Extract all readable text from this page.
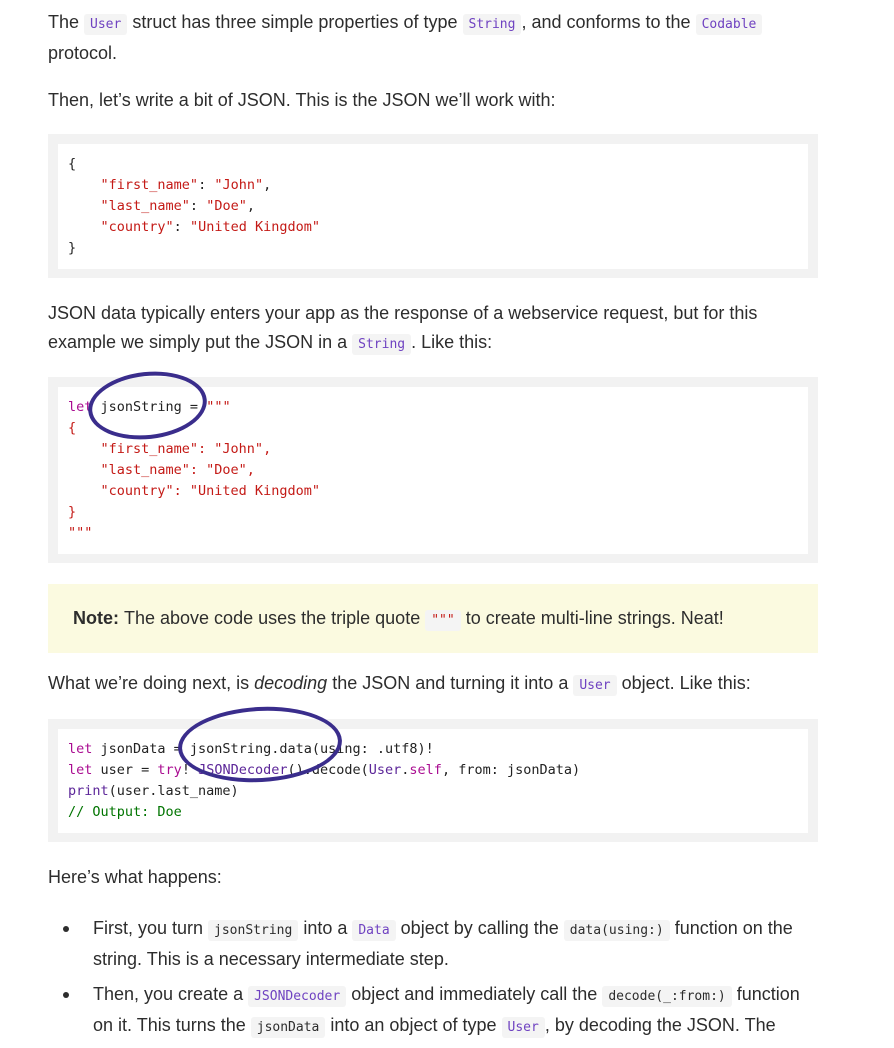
The User struct has three simple properties of type String , and conforms to the Codable protocol.

Then, let’s write a bit of JSON. This is the JSON we’ll work with:

{
"first_name": "John",
"last_name": "Doe",
"country": "United Kingdom"
}

JSON data typically enters your app as the response of a webservice request, but for this example we simply put the JSON in a String . Like this:

let jsonString = """
{
"first_name": "John",
"last_name": "Doe",
"country": "United Kingdom"
}
"""
Note: The above code uses the triple quote """ to create multi-line strings. Neat!

What we’re doing next, is decoding the JSON and turning it into a User object. Like this:

let jsonData = jsonString.data(using: .utf8)!
let user = try! JSONDecoder().decode(User.self, from: jsonData)
print(user.last_name)
// Output: Doe

Here’s what happens:

First, you turn jsonString into a Data object by calling the data(using:) function on the string. This is a necessary intermediate step.
Then, you create a JSONDecoder object and immediately call the decode(_:from:) function on it. This turns the jsonData into an object of type User , by decoding the JSON. The
